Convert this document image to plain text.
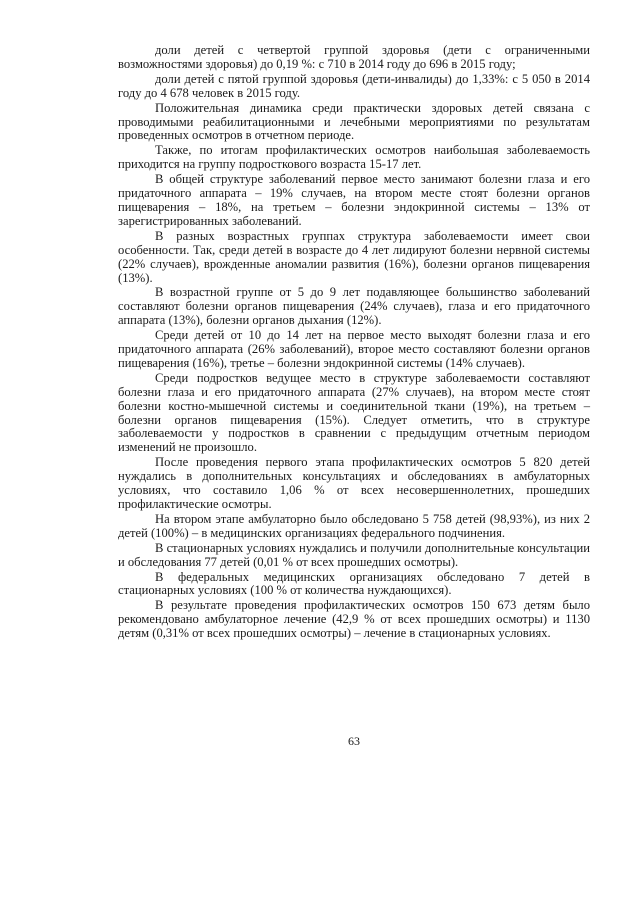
доли детей с четвертой группой здоровья (дети с ограниченными возможностями здоровья) до 0,19 %: с 710 в 2014 году до 696 в 2015 году;

доли детей с пятой группой здоровья (дети-инвалиды) до 1,33%: с 5 050 в 2014 году до 4 678 человек в 2015 году.

Положительная динамика среди практически здоровых детей связана с проводимыми реабилитационными и лечебными мероприятиями по результатам проведенных осмотров в отчетном периоде.

Также, по итогам профилактических осмотров наибольшая заболеваемость приходится на группу подросткового возраста 15-17 лет.

В общей структуре заболеваний первое место занимают болезни глаза и его придаточного аппарата – 19% случаев, на втором месте стоят болезни органов пищеварения – 18%, на третьем – болезни эндокринной системы – 13% от зарегистрированных заболеваний.

В разных возрастных группах структура заболеваемости имеет свои особенности. Так, среди детей в возрасте до 4 лет лидируют болезни нервной системы (22% случаев), врожденные аномалии развития (16%), болезни органов пищеварения (13%).

В возрастной группе от 5 до 9 лет подавляющее большинство заболеваний составляют болезни органов пищеварения (24% случаев), глаза и его придаточного аппарата (13%), болезни органов дыхания (12%).

Среди детей от 10 до 14 лет на первое место выходят болезни глаза и его придаточного аппарата (26% заболеваний), второе место составляют болезни органов пищеварения (16%), третье – болезни эндокринной системы (14% случаев).

Среди подростков ведущее место в структуре заболеваемости составляют болезни глаза и его придаточного аппарата (27% случаев), на втором месте стоят болезни костно-мышечной системы и соединительной ткани (19%), на третьем – болезни органов пищеварения (15%). Следует отметить, что в структуре заболеваемости у подростков в сравнении с предыдущим отчетным периодом изменений не произошло.

После проведения первого этапа профилактических осмотров 5 820 детей нуждались в дополнительных консультациях и обследованиях в амбулаторных условиях, что составило 1,06 % от всех несовершеннолетних, прошедших профилактические осмотры.

На втором этапе амбулаторно было обследовано 5 758 детей (98,93%), из них 2 детей (100%) – в медицинских организациях федерального подчинения.

В стационарных условиях нуждались и получили дополнительные консультации и обследования 77 детей (0,01 % от всех прошедших осмотры).

В федеральных медицинских организациях обследовано 7 детей в стационарных условиях (100 % от количества нуждающихся).

В результате проведения профилактических осмотров 150 673 детям было рекомендовано амбулаторное лечение (42,9 % от всех прошедших осмотры) и 1130 детям (0,31% от всех прошедших осмотры) – лечение в стационарных условиях.

63
